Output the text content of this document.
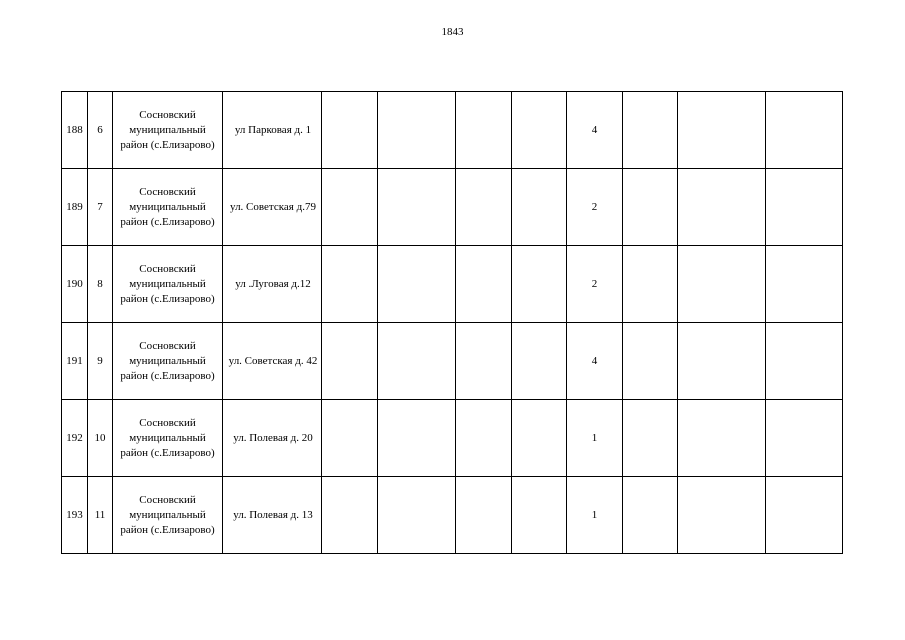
1843
188	6	Сосновский муниципальный район (с.Елизарово)	ул Парковая д. 1					4			
189	7	Сосновский муниципальный район (с.Елизарово)	ул. Советская д.79					2			
190	8	Сосновский муниципальный район (с.Елизарово)	ул .Луговая д.12					2			
191	9	Сосновский муниципальный район (с.Елизарово)	ул. Советская д. 42					4			
192	10	Сосновский муниципальный район (с.Елизарово)	ул. Полевая д. 20					1			
193	11	Сосновский муниципальный район (с.Елизарово)	ул. Полевая д. 13					1			
